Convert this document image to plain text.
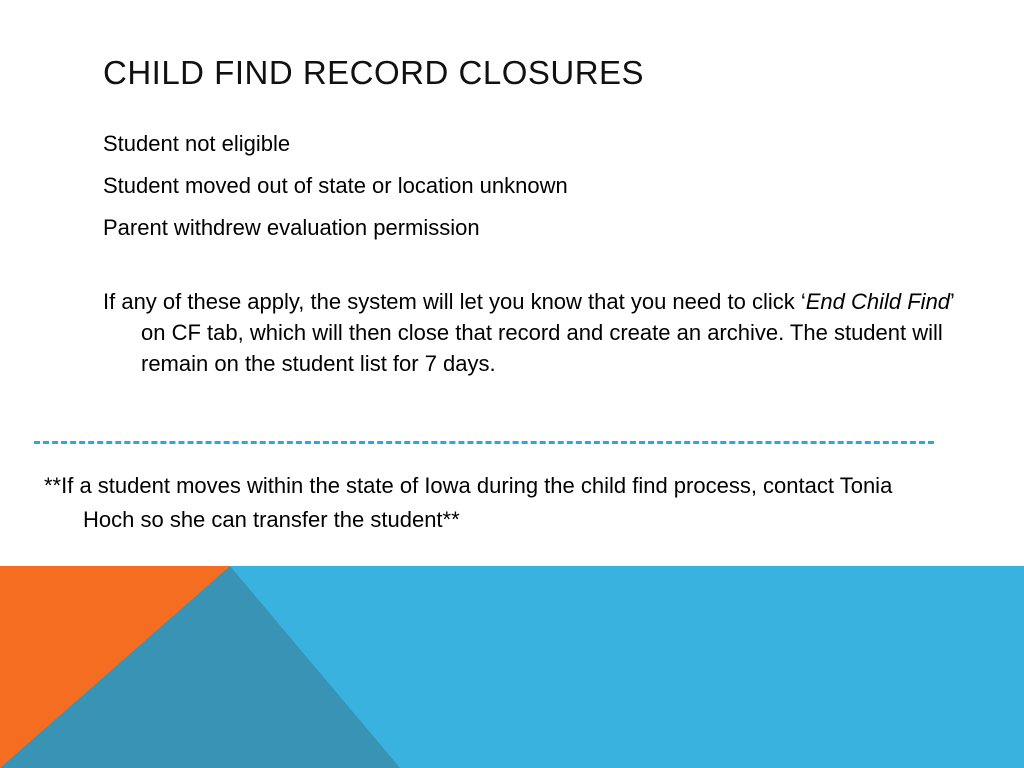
CHILD FIND RECORD CLOSURES
Student not eligible
Student moved out of state or location unknown
Parent withdrew evaluation permission
If any of these apply, the system will let you know that you need to click ‘End Child Find’ on CF tab, which will then close that record and create an archive. The student will remain on the student list for 7 days.
**If a student moves within the state of Iowa during the child find process, contact Tonia Hoch so she can transfer the student**
